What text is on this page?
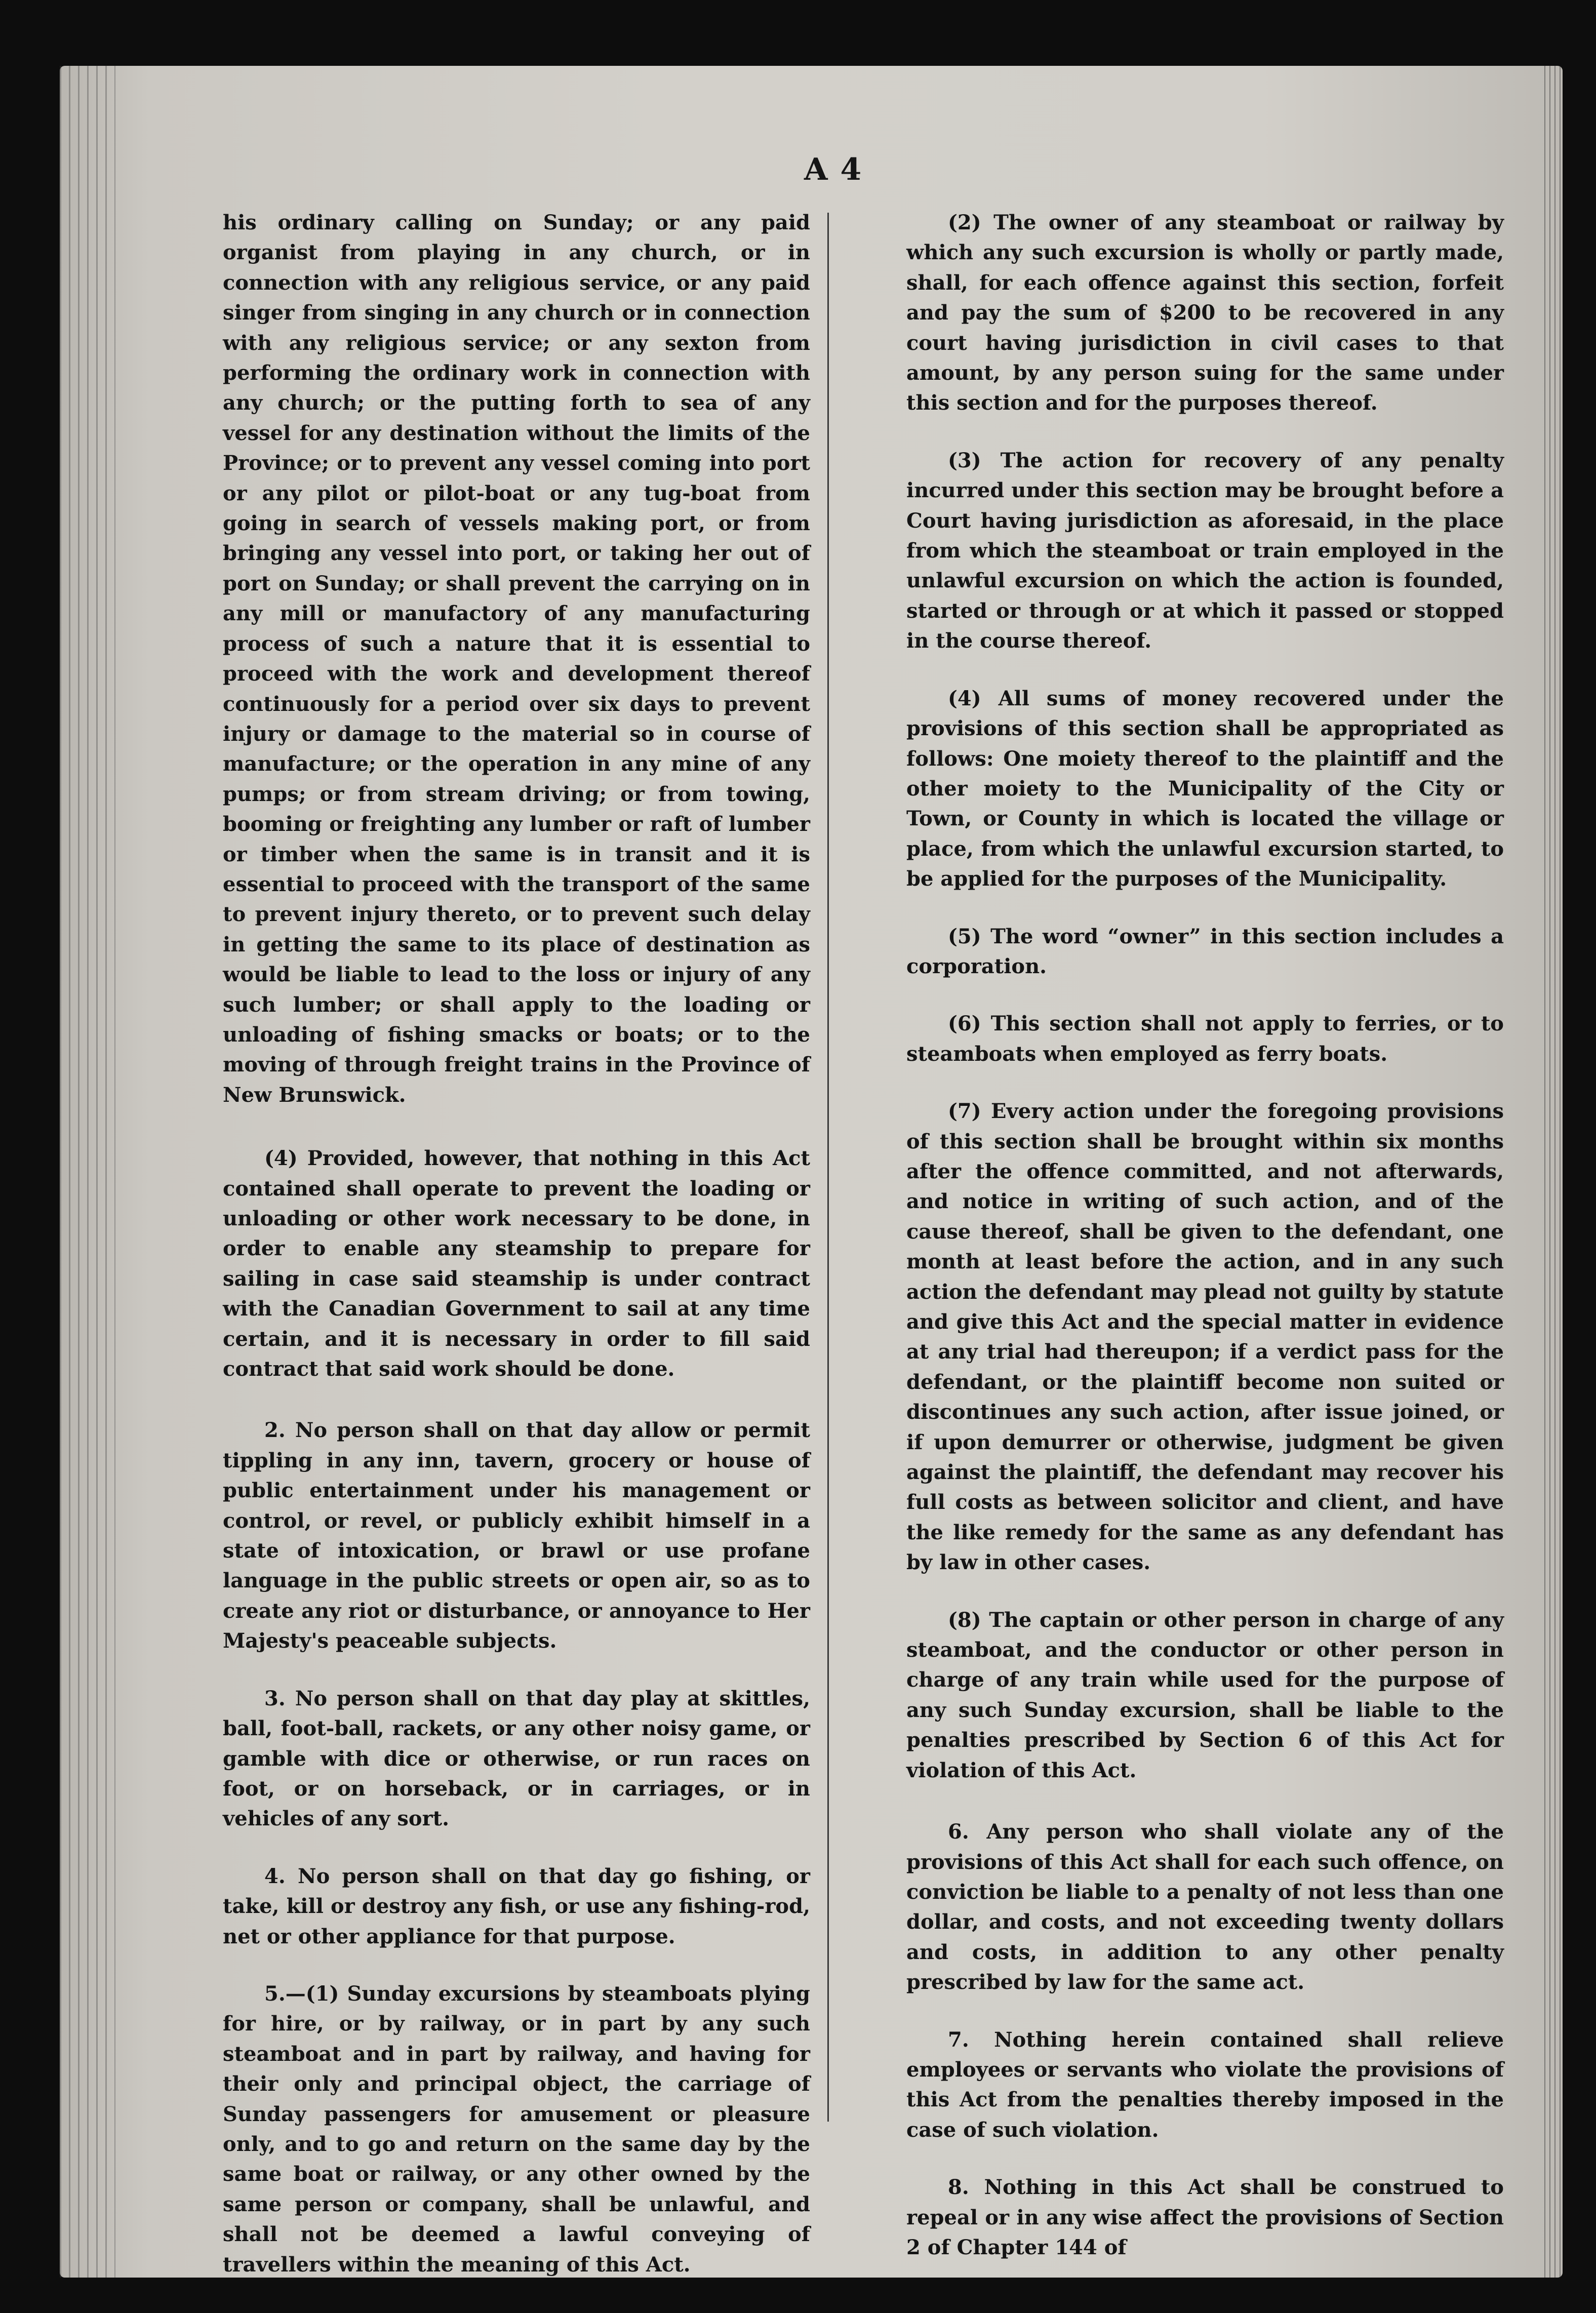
A 4

his ordinary calling on Sunday; or any paid organist from playing in any church, or in connection with any religious service, or any paid singer from singing in any church or in connection with any religious service; or any sexton from performing the ordinary work in connection with any church; or the putting forth to sea of any vessel for any destination without the limits of the Province; or to prevent any vessel coming into port or any pilot or pilot-boat or any tug-boat from going in search of vessels making port, or from bringing any vessel into port, or taking her out of port on Sunday; or shall prevent the carrying on in any mill or manufactory of any manufacturing process of such a nature that it is essential to proceed with the work and development thereof continuously for a period over six days to prevent injury or damage to the material so in course of manufacture; or the operation in any mine of any pumps; or from stream driving; or from towing, booming or freighting any lumber or raft of lumber or timber when the same is in transit and it is essential to proceed with the transport of the same to prevent injury thereto, or to prevent such delay in getting the same to its place of destination as would be liable to lead to the loss or injury of any such lumber; or shall apply to the loading or unloading of fishing smacks or boats; or to the moving of through freight trains in the Province of New Brunswick.

(4) Provided, however, that nothing in this Act contained shall operate to prevent the loading or unloading or other work necessary to be done, in order to enable any steamship to prepare for sailing in case said steamship is under contract with the Canadian Government to sail at any time certain, and it is necessary in order to fill said contract that said work should be done.

2. No person shall on that day allow or permit tippling in any inn, tavern, grocery or house of public entertainment under his management or control, or revel, or publicly exhibit himself in a state of intoxication, or brawl or use profane language in the public streets or open air, so as to create any riot or disturbance, or annoyance to Her Majesty's peaceable subjects.

3. No person shall on that day play at skittles, ball, foot-ball, rackets, or any other noisy game, or gamble with dice or otherwise, or run races on foot, or on horseback, or in carriages, or in vehicles of any sort.

4. No person shall on that day go fishing, or take, kill or destroy any fish, or use any fishing-rod, net or other appliance for that purpose.

5.—(1) Sunday excursions by steamboats plying for hire, or by railway, or in part by any such steamboat and in part by railway, and having for their only and principal object, the carriage of Sunday passengers for amusement or pleasure only, and to go and return on the same day by the same boat or railway, or any other owned by the same person or company, shall be unlawful, and shall not be deemed a lawful conveying of travellers within the meaning of this Act.

(2) The owner of any steamboat or railway by which any such excursion is wholly or partly made, shall, for each offence against this section, forfeit and pay the sum of $200 to be recovered in any court having jurisdiction in civil cases to that amount, by any person suing for the same under this section and for the purposes thereof.

(3) The action for recovery of any penalty incurred under this section may be brought before a Court having jurisdiction as aforesaid, in the place from which the steamboat or train employed in the unlawful excursion on which the action is founded, started or through or at which it passed or stopped in the course thereof.

(4) All sums of money recovered under the provisions of this section shall be appropriated as follows: One moiety thereof to the plaintiff and the other moiety to the Municipality of the City or Town, or County in which is located the village or place, from which the unlawful excursion started, to be applied for the purposes of the Municipality.

(5) The word “owner” in this section includes a corporation.

(6) This section shall not apply to ferries, or to steamboats when employed as ferry boats.

(7) Every action under the foregoing provisions of this section shall be brought within six months after the offence committed, and not afterwards, and notice in writing of such action, and of the cause thereof, shall be given to the defendant, one month at least before the action, and in any such action the defendant may plead not guilty by statute and give this Act and the special matter in evidence at any trial had thereupon; if a verdict pass for the defendant, or the plaintiff become non suited or discontinues any such action, after issue joined, or if upon demurrer or otherwise, judgment be given against the plaintiff, the defendant may recover his full costs as between solicitor and client, and have the like remedy for the same as any defendant has by law in other cases.

(8) The captain or other person in charge of any steamboat, and the conductor or other person in charge of any train while used for the purpose of any such Sunday excursion, shall be liable to the penalties prescribed by Section 6 of this Act for violation of this Act.

6. Any person who shall violate any of the provisions of this Act shall for each such offence, on conviction be liable to a penalty of not less than one dollar, and costs, and not exceeding twenty dollars and costs, in addition to any other penalty prescribed by law for the same act.

7. Nothing herein contained shall relieve employees or servants who violate the provisions of this Act from the penalties thereby imposed in the case of such violation.

8. Nothing in this Act shall be construed to repeal or in any wise affect the provisions of Section 2 of Chapter 144 of
